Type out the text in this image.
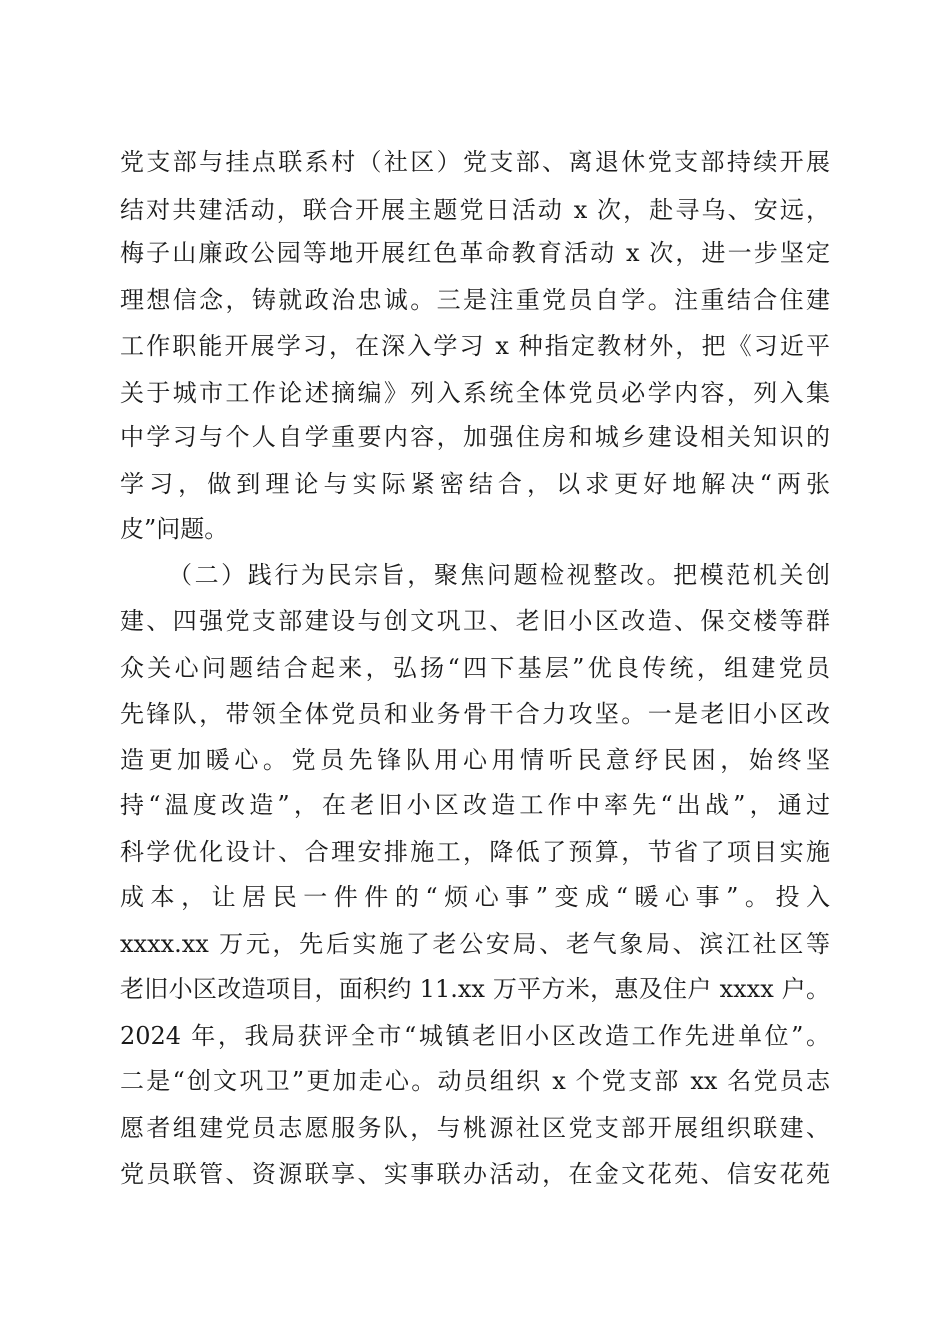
党支部与挂点联系村（社区）党支部、离退休党支部持续开展
结对共建活动，联合开展主题党日活动 x 次，赴寻乌、安远，
梅子山廉政公园等地开展红色革命教育活动 x 次，进一步坚定
理想信念，铸就政治忠诚。三是注重党员自学。注重结合住建
工作职能开展学习，在深入学习 x 种指定教材外，把《习近平
关于城市工作论述摘编》列入系统全体党员必学内容，列入集
中学习与个人自学重要内容，加强住房和城乡建设相关知识的
学习，做到理论与实际紧密结合，以求更好地解决“两张
皮”问题。
（二）践行为民宗旨，聚焦问题检视整改。把模范机关创
建、四强党支部建设与创文巩卫、老旧小区改造、保交楼等群
众关心问题结合起来，弘扬“四下基层”优良传统，组建党员
先锋队，带领全体党员和业务骨干合力攻坚。一是老旧小区改
造更加暖心。党员先锋队用心用情听民意纾民困，始终坚
持“温度改造”，在老旧小区改造工作中率先“出战”，通过
科学优化设计、合理安排施工，降低了预算，节省了项目实施
成本，让居民一件件的“烦心事”变成“暖心事”。投入
xxxx.xx 万元，先后实施了老公安局、老气象局、滨江社区等
老旧小区改造项目，面积约 11.xx 万平方米，惠及住户 xxxx 户。
2024 年，我局获评全市“城镇老旧小区改造工作先进单位”。
二是“创文巩卫”更加走心。动员组织 x 个党支部 xx 名党员志
愿者组建党员志愿服务队，与桃源社区党支部开展组织联建、
党员联管、资源联享、实事联办活动，在金文花苑、信安花苑
